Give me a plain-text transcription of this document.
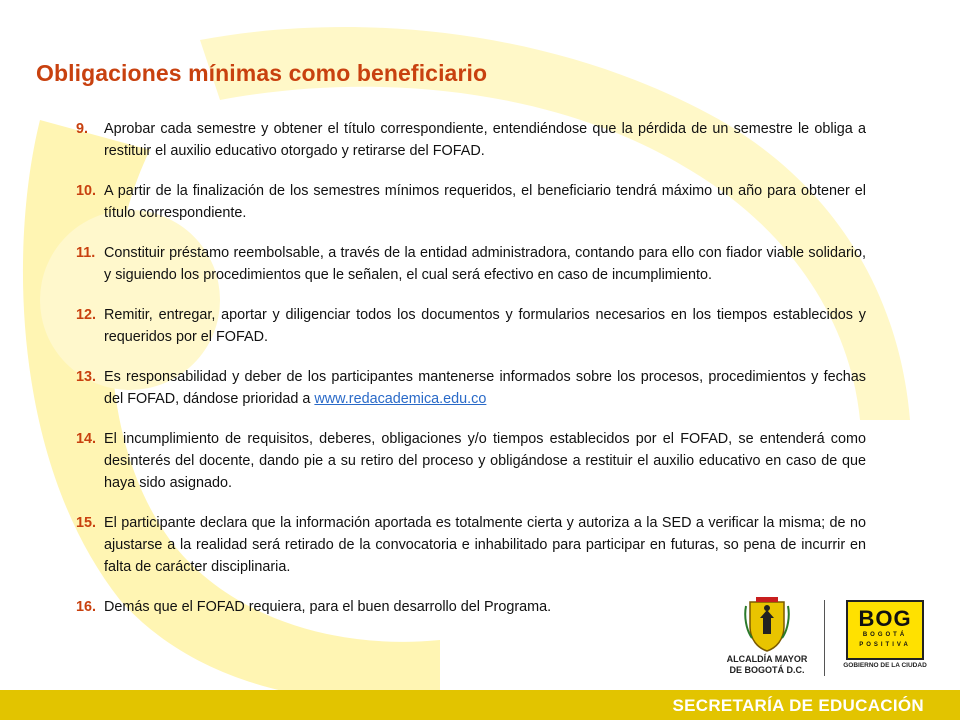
Obligaciones mínimas como beneficiario
9.	Aprobar cada semestre y obtener el título correspondiente, entendiéndose que la pérdida de un semestre le obliga a restituir el auxilio educativo otorgado y retirarse del FOFAD.
10. A partir de la finalización de los semestres mínimos requeridos, el beneficiario tendrá máximo un año para obtener el título correspondiente.
11. Constituir préstamo reembolsable, a través de la entidad administradora, contando para ello con fiador viable solidario, y siguiendo los procedimientos que le señalen, el cual será efectivo en caso de incumplimiento.
12. Remitir, entregar, aportar y diligenciar todos los documentos y formularios necesarios en los tiempos establecidos y requeridos por el FOFAD.
13. Es responsabilidad y deber de los participantes mantenerse informados sobre los procesos, procedimientos y fechas del FOFAD, dándose prioridad a www.redacademica.edu.co
14. El incumplimiento de requisitos, deberes, obligaciones y/o tiempos establecidos por el FOFAD, se entenderá como desinterés del docente, dando pie a su retiro del proceso y obligándose a restituir el auxilio educativo en caso de que haya sido asignado.
15. El participante declara que la información aportada es totalmente cierta y autoriza a la SED a verificar la misma; de no ajustarse a la realidad será retirado de la convocatoria e inhabilitado para participar en futuras, so pena de incurrir en falta de carácter disciplinaria.
16. Demás que el FOFAD requiera, para el buen desarrollo del Programa.
ALCALDÍA MAYOR
DE BOGOTÁ D.C.
BOG
BOGOTÁ
POSITIVA
GOBIERNO DE LA CIUDAD
SECRETARÍA DE EDUCACIÓN
